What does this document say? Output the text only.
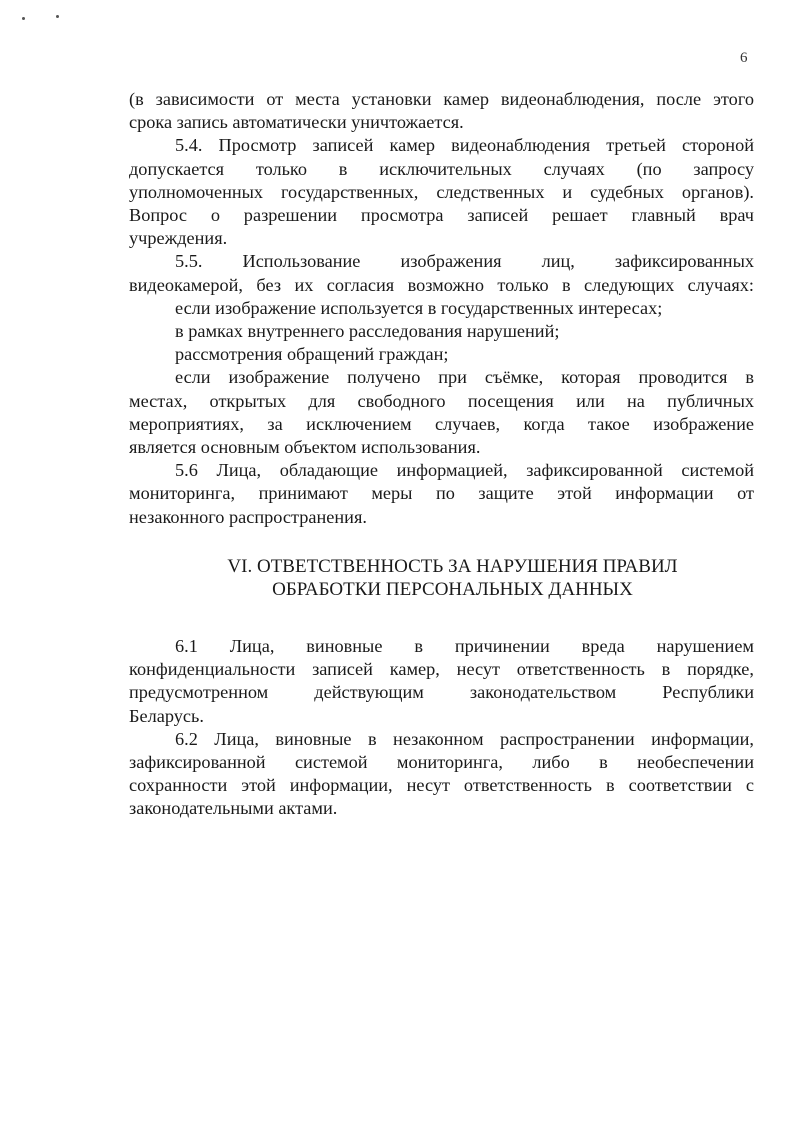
6

(в зависимости от места установки камер видеонаблюдения, после этого

срока запись автоматически уничтожается.

5.4. Просмотр записей камер видеонаблюдения третьей стороной

допускается только в исключительных случаях (по запросу

уполномоченных государственных, следственных и судебных органов).

Вопрос о разрешении просмотра записей решает главный врач

учреждения.

5.5. Использование изображения лиц, зафиксированных

видеокамерой, без их согласия возможно только в следующих случаях:

если изображение используется в государственных интересах;

в рамках внутреннего расследования нарушений;

рассмотрения обращений граждан;

если изображение получено при съёмке, которая проводится в

местах, открытых для свободного посещения или на публичных

мероприятиях, за исключением случаев, когда такое изображение

является основным объектом использования.

5.6 Лица, обладающие информацией, зафиксированной системой

мониторинга, принимают меры по защите этой информации от

незаконного распространения.

VI. ОТВЕТСТВЕННОСТЬ ЗА НАРУШЕНИЯ ПРАВИЛ
ОБРАБОТКИ ПЕРСОНАЛЬНЫХ ДАННЫХ

6.1 Лица, виновные в причинении вреда нарушением

конфиденциальности записей камер, несут ответственность в порядке,

предусмотренном действующим законодательством Республики

Беларусь.

6.2 Лица, виновные в незаконном распространении информации,

зафиксированной системой мониторинга, либо в необеспечении

сохранности этой информации, несут ответственность в соответствии с

законодательными актами.
